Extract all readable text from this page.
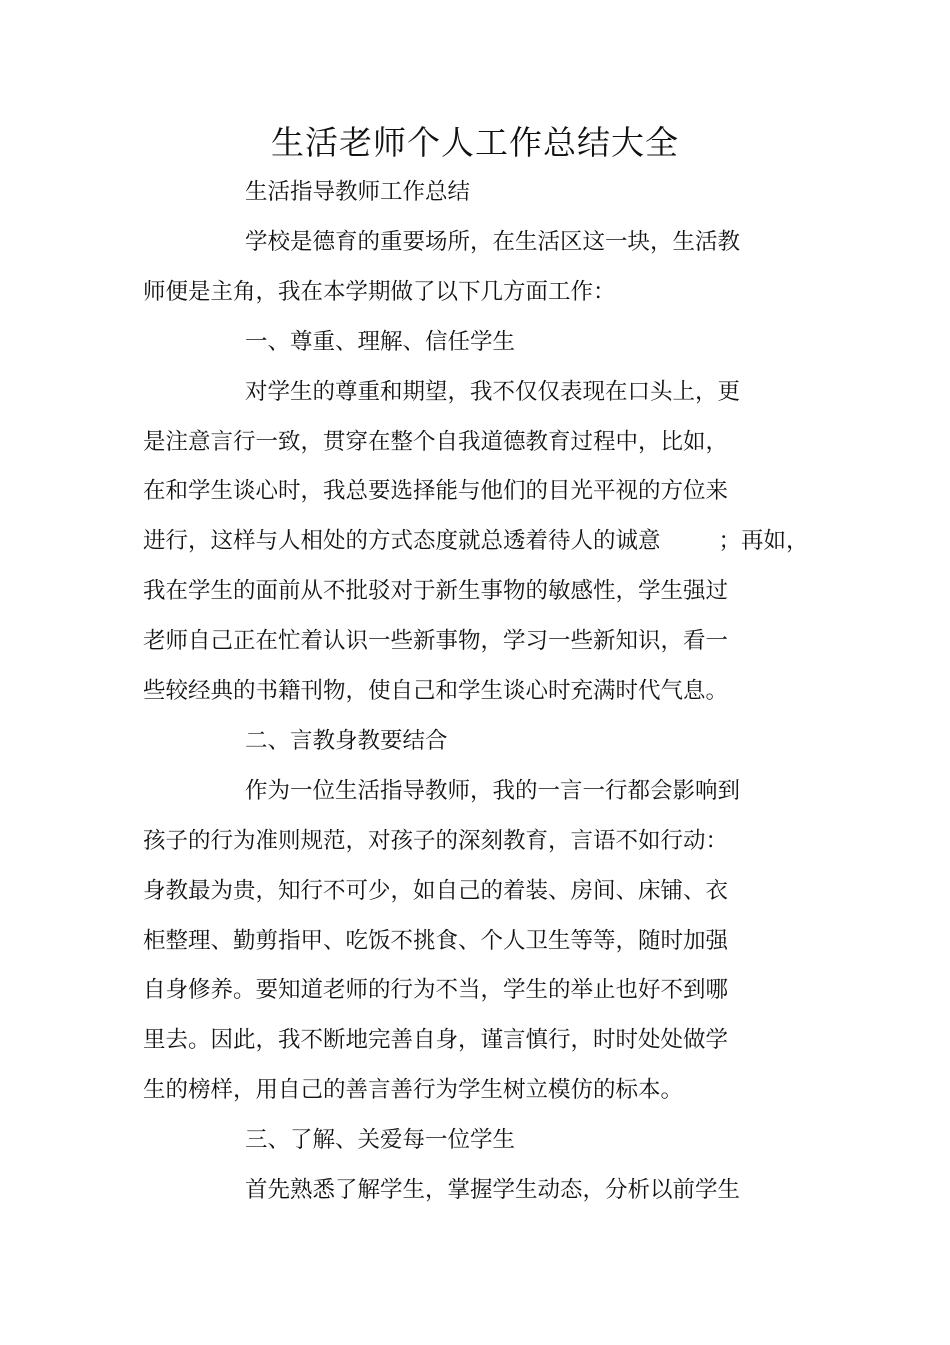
生活老师个人工作总结大全
生活指导教师工作总结
学校是德育的重要场所，在生活区这一块，生活教
师便是主角，我在本学期做了以下几方面工作：
一、尊重、理解、信任学生
对学生的尊重和期望，我不仅仅表现在口头上，更
是注意言行一致，贯穿在整个自我道德教育过程中，比如，
在和学生谈心时，我总要选择能与他们的目光平视的方位来
进行，这样与人相处的方式态度就总透着待人的诚意	；再如，
我在学生的面前从不批驳对于新生事物的敏感性，学生强过
老师自己正在忙着认识一些新事物，学习一些新知识，看一
些较经典的书籍刊物，使自己和学生谈心时充满时代气息。
二、言教身教要结合
作为一位生活指导教师，我的一言一行都会影响到
孩子的行为准则规范，对孩子的深刻教育，言语不如行动：
身教最为贵，知行不可少，如自己的着装、房间、床铺、衣
柜整理、勤剪指甲、吃饭不挑食、个人卫生等等，随时加强
自身修养。要知道老师的行为不当，学生的举止也好不到哪
里去。因此，我不断地完善自身，谨言慎行，时时处处做学
生的榜样，用自己的善言善行为学生树立模仿的标本。
三、了解、关爱每一位学生
首先熟悉了解学生，掌握学生动态，分析以前学生
